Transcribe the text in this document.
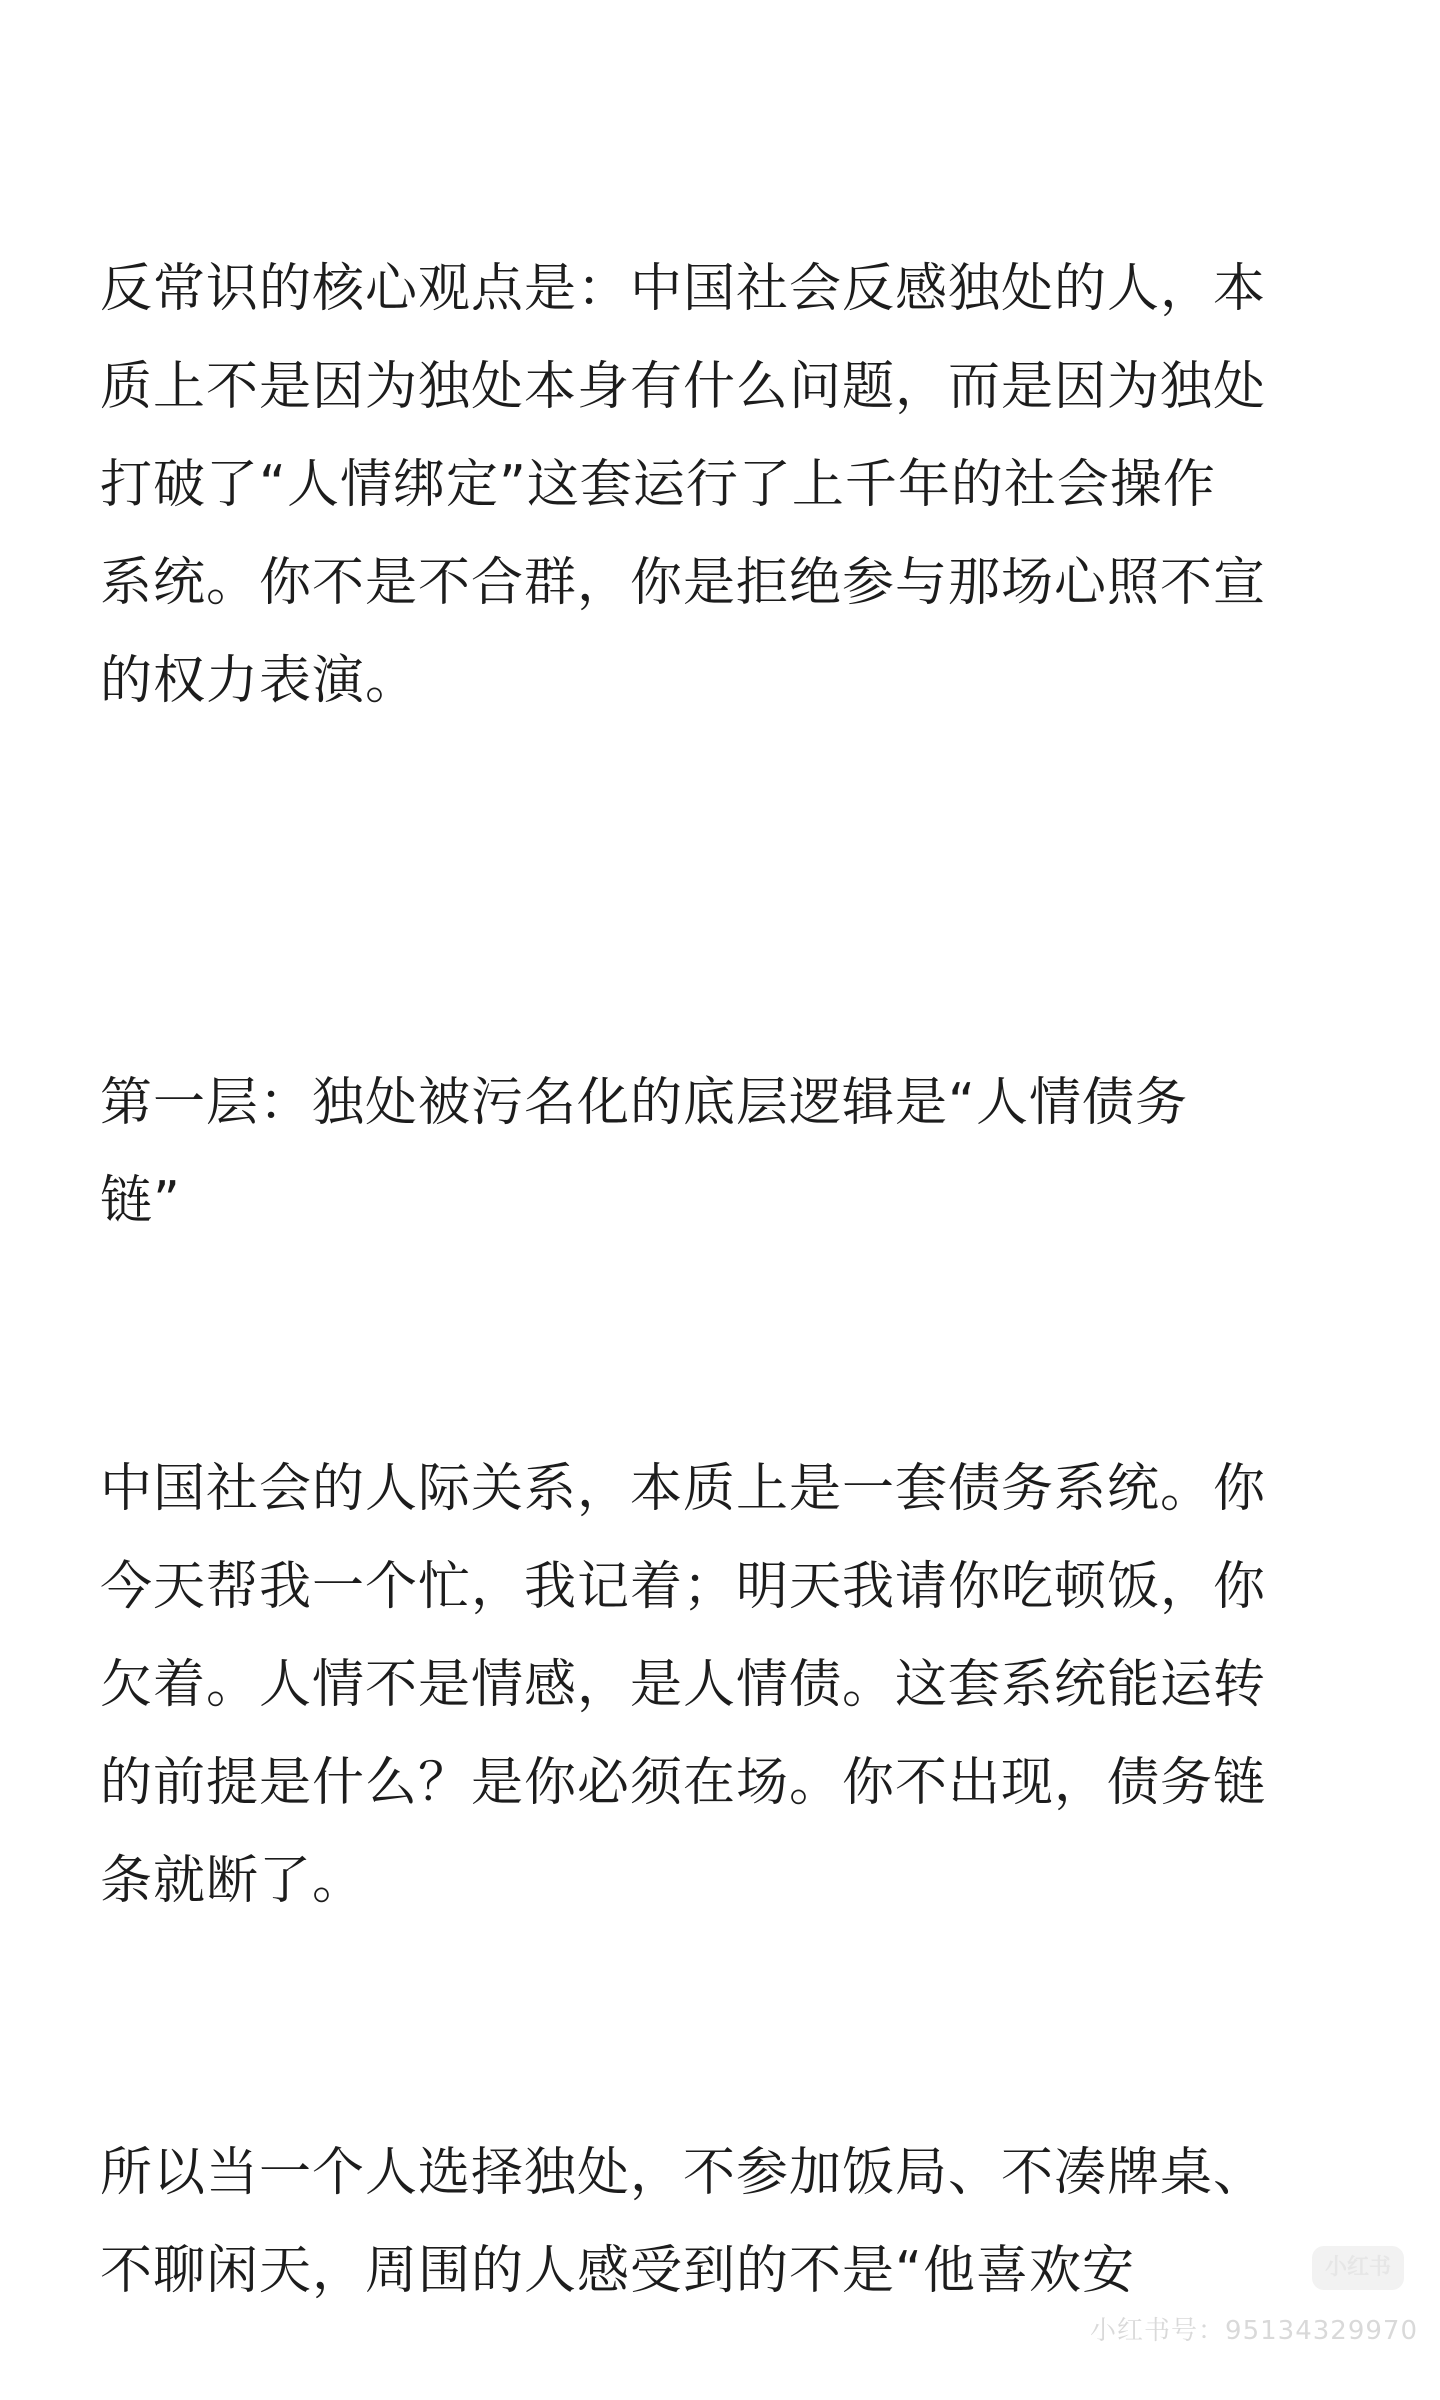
反常识的核心观点是：中国社会反感独处的人，本
质上不是因为独处本身有什么问题，而是因为独处
打破了“人情绑定”这套运行了上千年的社会操作
系统。你不是不合群，你是拒绝参与那场心照不宣
的权力表演。

第一层：独处被污名化的底层逻辑是“人情债务
链”

中国社会的人际关系，本质上是一套债务系统。你
今天帮我一个忙，我记着；明天我请你吃顿饭，你
欠着。人情不是情感，是人情债。这套系统能运转
的前提是什么？是你必须在场。你不出现，债务链
条就断了。

所以当一个人选择独处，不参加饭局、不凑牌桌、
不聊闲天，周围的人感受到的不是“他喜欢安	小红书
小红书号：95134329970
